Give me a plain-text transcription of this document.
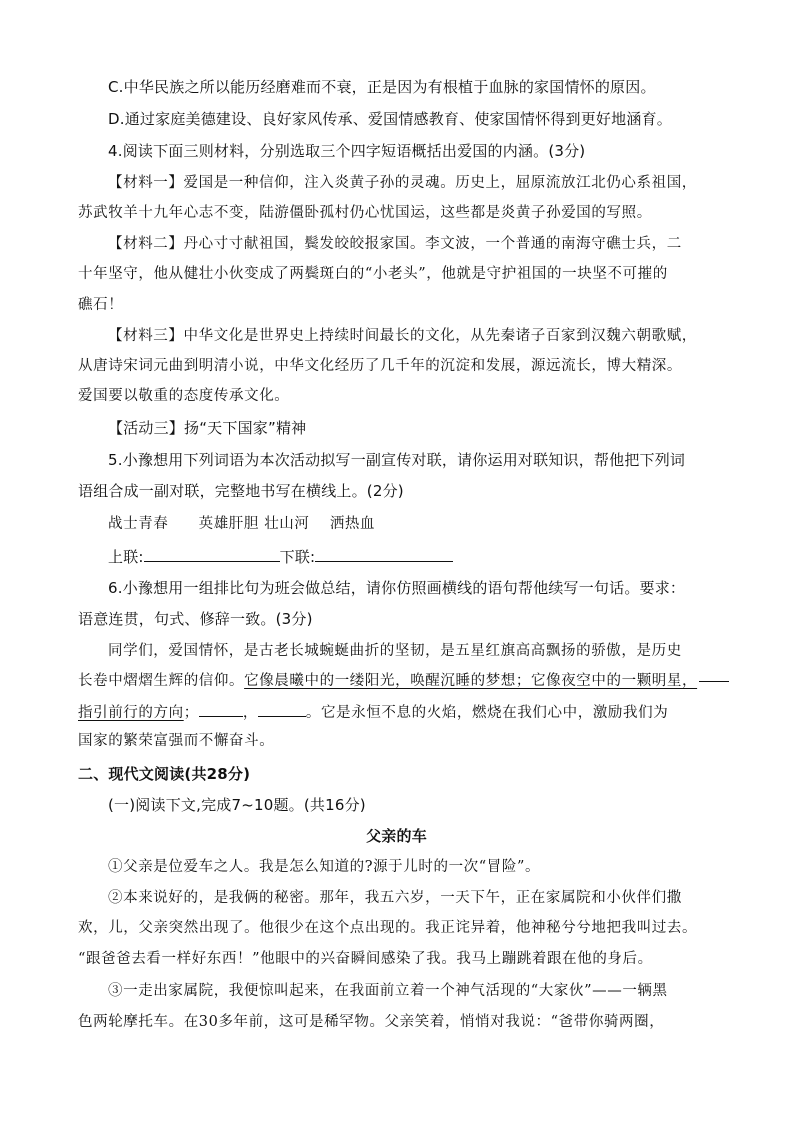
C.中华民族之所以能历经磨难而不衰，正是因为有根植于血脉的家国情怀的原因。
D.通过家庭美德建设、良好家风传承、爱国情感教育、使家国情怀得到更好地涵育。
4.阅读下面三则材料，分别选取三个四字短语概括出爱国的内涵。(3分)
【材料一】爱国是一种信仰，注入炎黄子孙的灵魂。历史上，屈原流放江北仍心系祖国，
苏武牧羊十九年心志不变，陆游僵卧孤村仍心忧国运，这些都是炎黄子孙爱国的写照。
【材料二】丹心寸寸献祖国，鬓发皎皎报家国。李文波，一个普通的南海守礁士兵，二
十年坚守，他从健壮小伙变成了两鬓斑白的“小老头”，他就是守护祖国的一块坚不可摧的
礁石！
【材料三】中华文化是世界史上持续时间最长的文化，从先秦诸子百家到汉魏六朝歌赋，
从唐诗宋词元曲到明清小说，中华文化经历了几千年的沉淀和发展，源远流长，博大精深。
爱国要以敬重的态度传承文化。
【活动三】扬“天下国家”精神
5.小豫想用下列词语为本次活动拟写一副宣传对联，请你运用对联知识，帮他把下列词
语组合成一副对联，完整地书写在横线上。(2分)
战士青春　　英雄肝胆 壮山河　 洒热血
上联:	下联:
6.小豫想用一组排比句为班会做总结，请你仿照画横线的语句帮他续写一句话。要求：
语意连贯，句式、修辞一致。(3分)
同学们，爱国情怀，是古老长城蜿蜒曲折的坚韧，是五星红旗高高飘扬的骄傲，是历史
长卷中熠熠生辉的信仰。它像晨曦中的一缕阳光，唤醒沉睡的梦想；它像夜空中的一颗明星，
指引前行的方向；	，	。它是永恒不息的火焰，燃烧在我们心中，激励我们为
国家的繁荣富强而不懈奋斗。
二、现代文阅读(共28分)
(一)阅读下文,完成7~10题。(共16分)
父亲的车
①父亲是位爱车之人。我是怎么知道的?源于儿时的一次“冒险”。
②本来说好的，是我俩的秘密。那年，我五六岁，一天下午，正在家属院和小伙伴们撒
欢，儿，父亲突然出现了。他很少在这个点出现的。我正诧异着，他神秘兮兮地把我叫过去。
“跟爸爸去看一样好东西！”他眼中的兴奋瞬间感染了我。我马上蹦跳着跟在他的身后。
③一走出家属院，我便惊叫起来，在我面前立着一个神气活现的“大家伙”——一辆黑
色两轮摩托车。在30多年前，这可是稀罕物。父亲笑着，悄悄对我说：“爸带你骑两圈，
